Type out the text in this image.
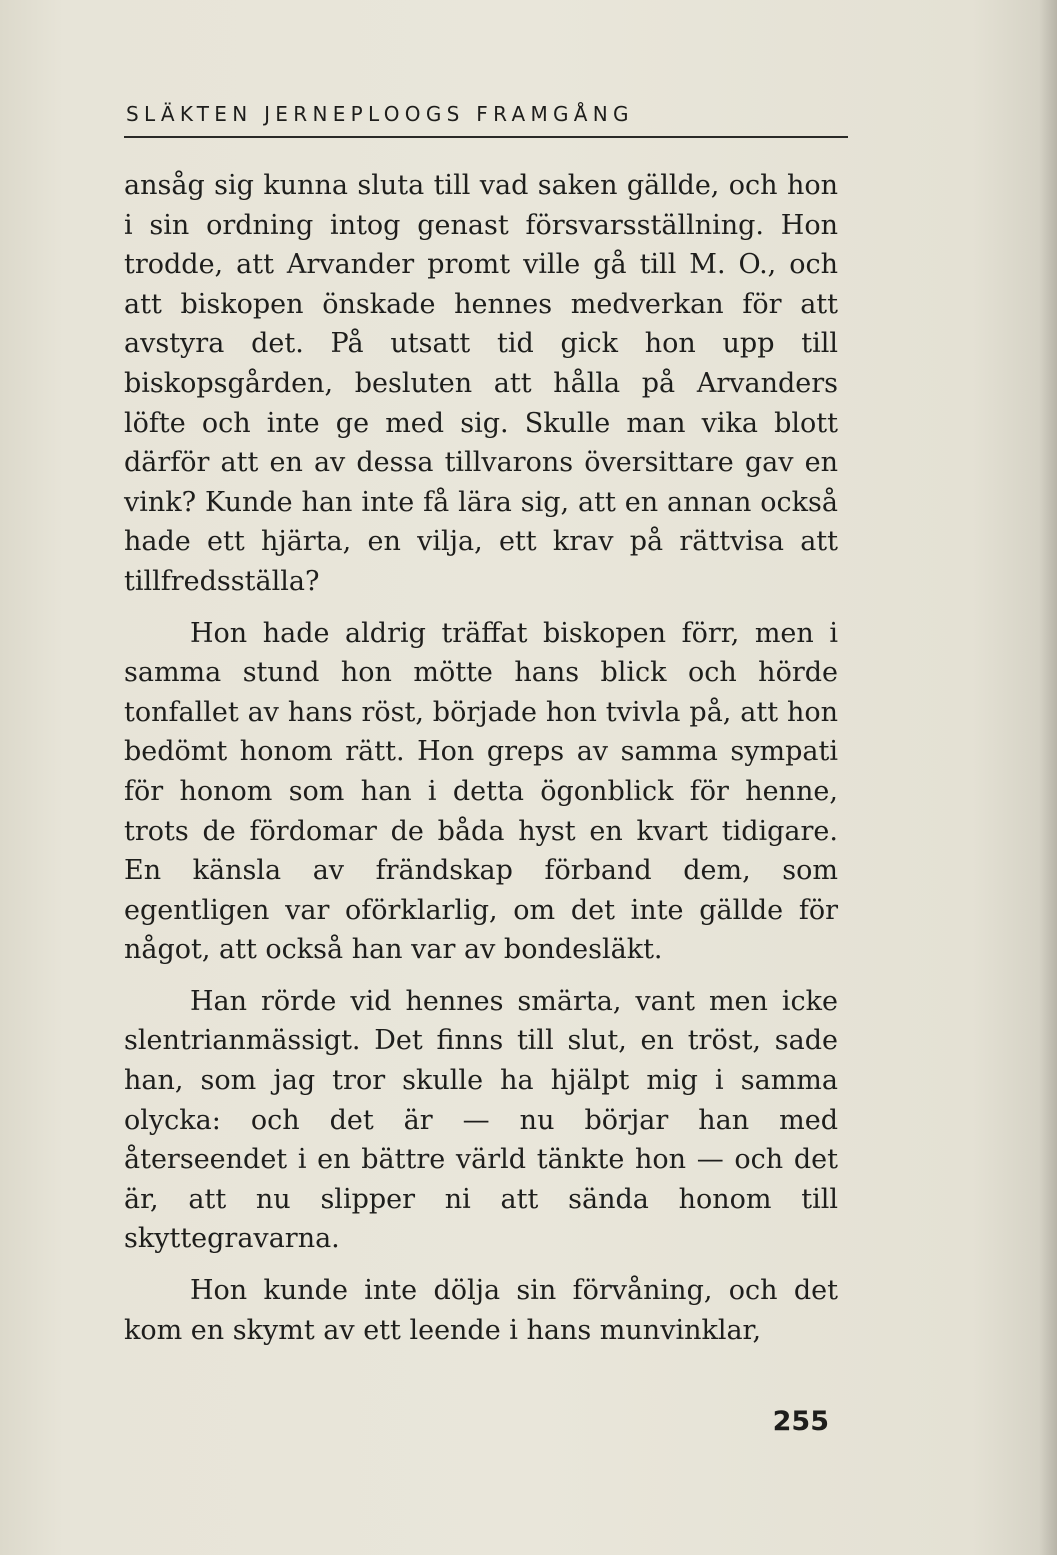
SLÄKTEN JERNEPLOOGS FRAMGÅNG

ansåg sig kunna sluta till vad saken gällde, och hon i sin ordning intog genast försvarsställning. Hon trodde, att Arvander promt ville gå till M. O., och att biskopen önskade hennes medverkan för att avstyra det. På utsatt tid gick hon upp till biskopsgården, besluten att hålla på Arvanders löfte och inte ge med sig. Skulle man vika blott därför att en av dessa tillvarons översittare gav en vink? Kunde han inte få lära sig, att en annan också hade ett hjärta, en vilja, ett krav på rättvisa att tillfredsställa?

Hon hade aldrig träffat biskopen förr, men i samma stund hon mötte hans blick och hörde tonfallet av hans röst, började hon tvivla på, att hon bedömt honom rätt. Hon greps av samma sympati för honom som han i detta ögonblick för henne, trots de fördomar de båda hyst en kvart tidigare. En känsla av frändskap förband dem, som egentligen var oförklarlig, om det inte gällde för något, att också han var av bondesläkt.

Han rörde vid hennes smärta, vant men icke slentrianmässigt. Det finns till slut, en tröst, sade han, som jag tror skulle ha hjälpt mig i samma olycka: och det är — nu börjar han med återseendet i en bättre värld tänkte hon — och det är, att nu slipper ni att sända honom till skyttegravarna.

Hon kunde inte dölja sin förvåning, och det kom en skymt av ett leende i hans munvinklar,

255
